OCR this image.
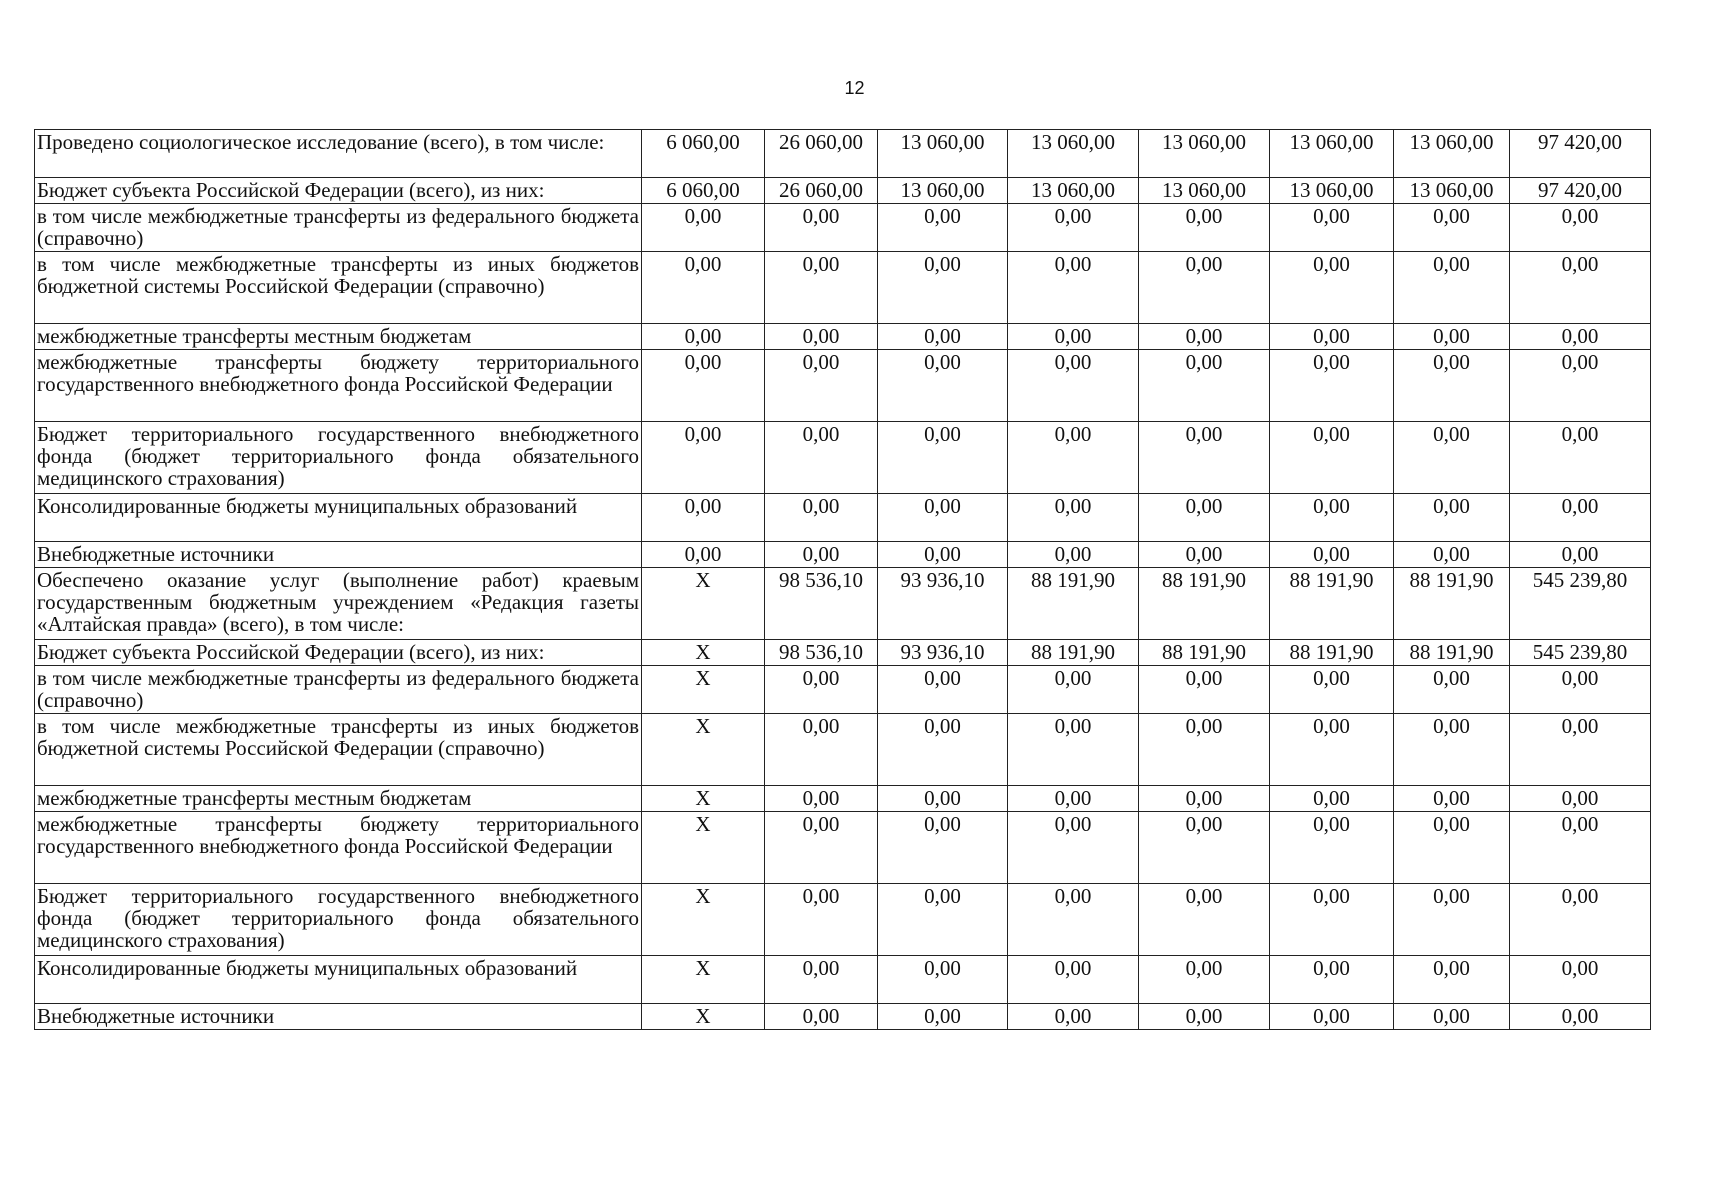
12
Проведено социологическое исследование (всего), в том числе:	6 060,00	26 060,00	13 060,00	13 060,00	13 060,00	13 060,00	13 060,00	97 420,00
Бюджет субъекта Российской Федерации (всего), из них:	6 060,00	26 060,00	13 060,00	13 060,00	13 060,00	13 060,00	13 060,00	97 420,00
в том числе межбюджетные трансферты из федерального бюджета (справочно)	0,00	0,00	0,00	0,00	0,00	0,00	0,00	0,00
в том числе межбюджетные трансферты из иных бюджетов бюджетной системы Российской Федерации (справочно)	0,00	0,00	0,00	0,00	0,00	0,00	0,00	0,00
межбюджетные трансферты местным бюджетам	0,00	0,00	0,00	0,00	0,00	0,00	0,00	0,00
межбюджетные трансферты бюджету территориального государственного внебюджетного фонда Российской Федерации	0,00	0,00	0,00	0,00	0,00	0,00	0,00	0,00
Бюджет территориального государственного внебюджетного фонда (бюджет территориального фонда обязательного медицинского страхования)	0,00	0,00	0,00	0,00	0,00	0,00	0,00	0,00
Консолидированные бюджеты муниципальных образований	0,00	0,00	0,00	0,00	0,00	0,00	0,00	0,00
Внебюджетные источники	0,00	0,00	0,00	0,00	0,00	0,00	0,00	0,00
Обеспечено оказание услуг (выполнение работ) краевым государственным бюджетным учреждением «Редакция газеты «Алтайская правда» (всего), в том числе:	Х	98 536,10	93 936,10	88 191,90	88 191,90	88 191,90	88 191,90	545 239,80
Бюджет субъекта Российской Федерации (всего), из них:	Х	98 536,10	93 936,10	88 191,90	88 191,90	88 191,90	88 191,90	545 239,80
в том числе межбюджетные трансферты из федерального бюджета (справочно)	Х	0,00	0,00	0,00	0,00	0,00	0,00	0,00
в том числе межбюджетные трансферты из иных бюджетов бюджетной системы Российской Федерации (справочно)	Х	0,00	0,00	0,00	0,00	0,00	0,00	0,00
межбюджетные трансферты местным бюджетам	Х	0,00	0,00	0,00	0,00	0,00	0,00	0,00
межбюджетные трансферты бюджету территориального государственного внебюджетного фонда Российской Федерации	Х	0,00	0,00	0,00	0,00	0,00	0,00	0,00
Бюджет территориального государственного внебюджетного фонда (бюджет территориального фонда обязательного медицинского страхования)	Х	0,00	0,00	0,00	0,00	0,00	0,00	0,00
Консолидированные бюджеты муниципальных образований	Х	0,00	0,00	0,00	0,00	0,00	0,00	0,00
Внебюджетные источники	Х	0,00	0,00	0,00	0,00	0,00	0,00	0,00
